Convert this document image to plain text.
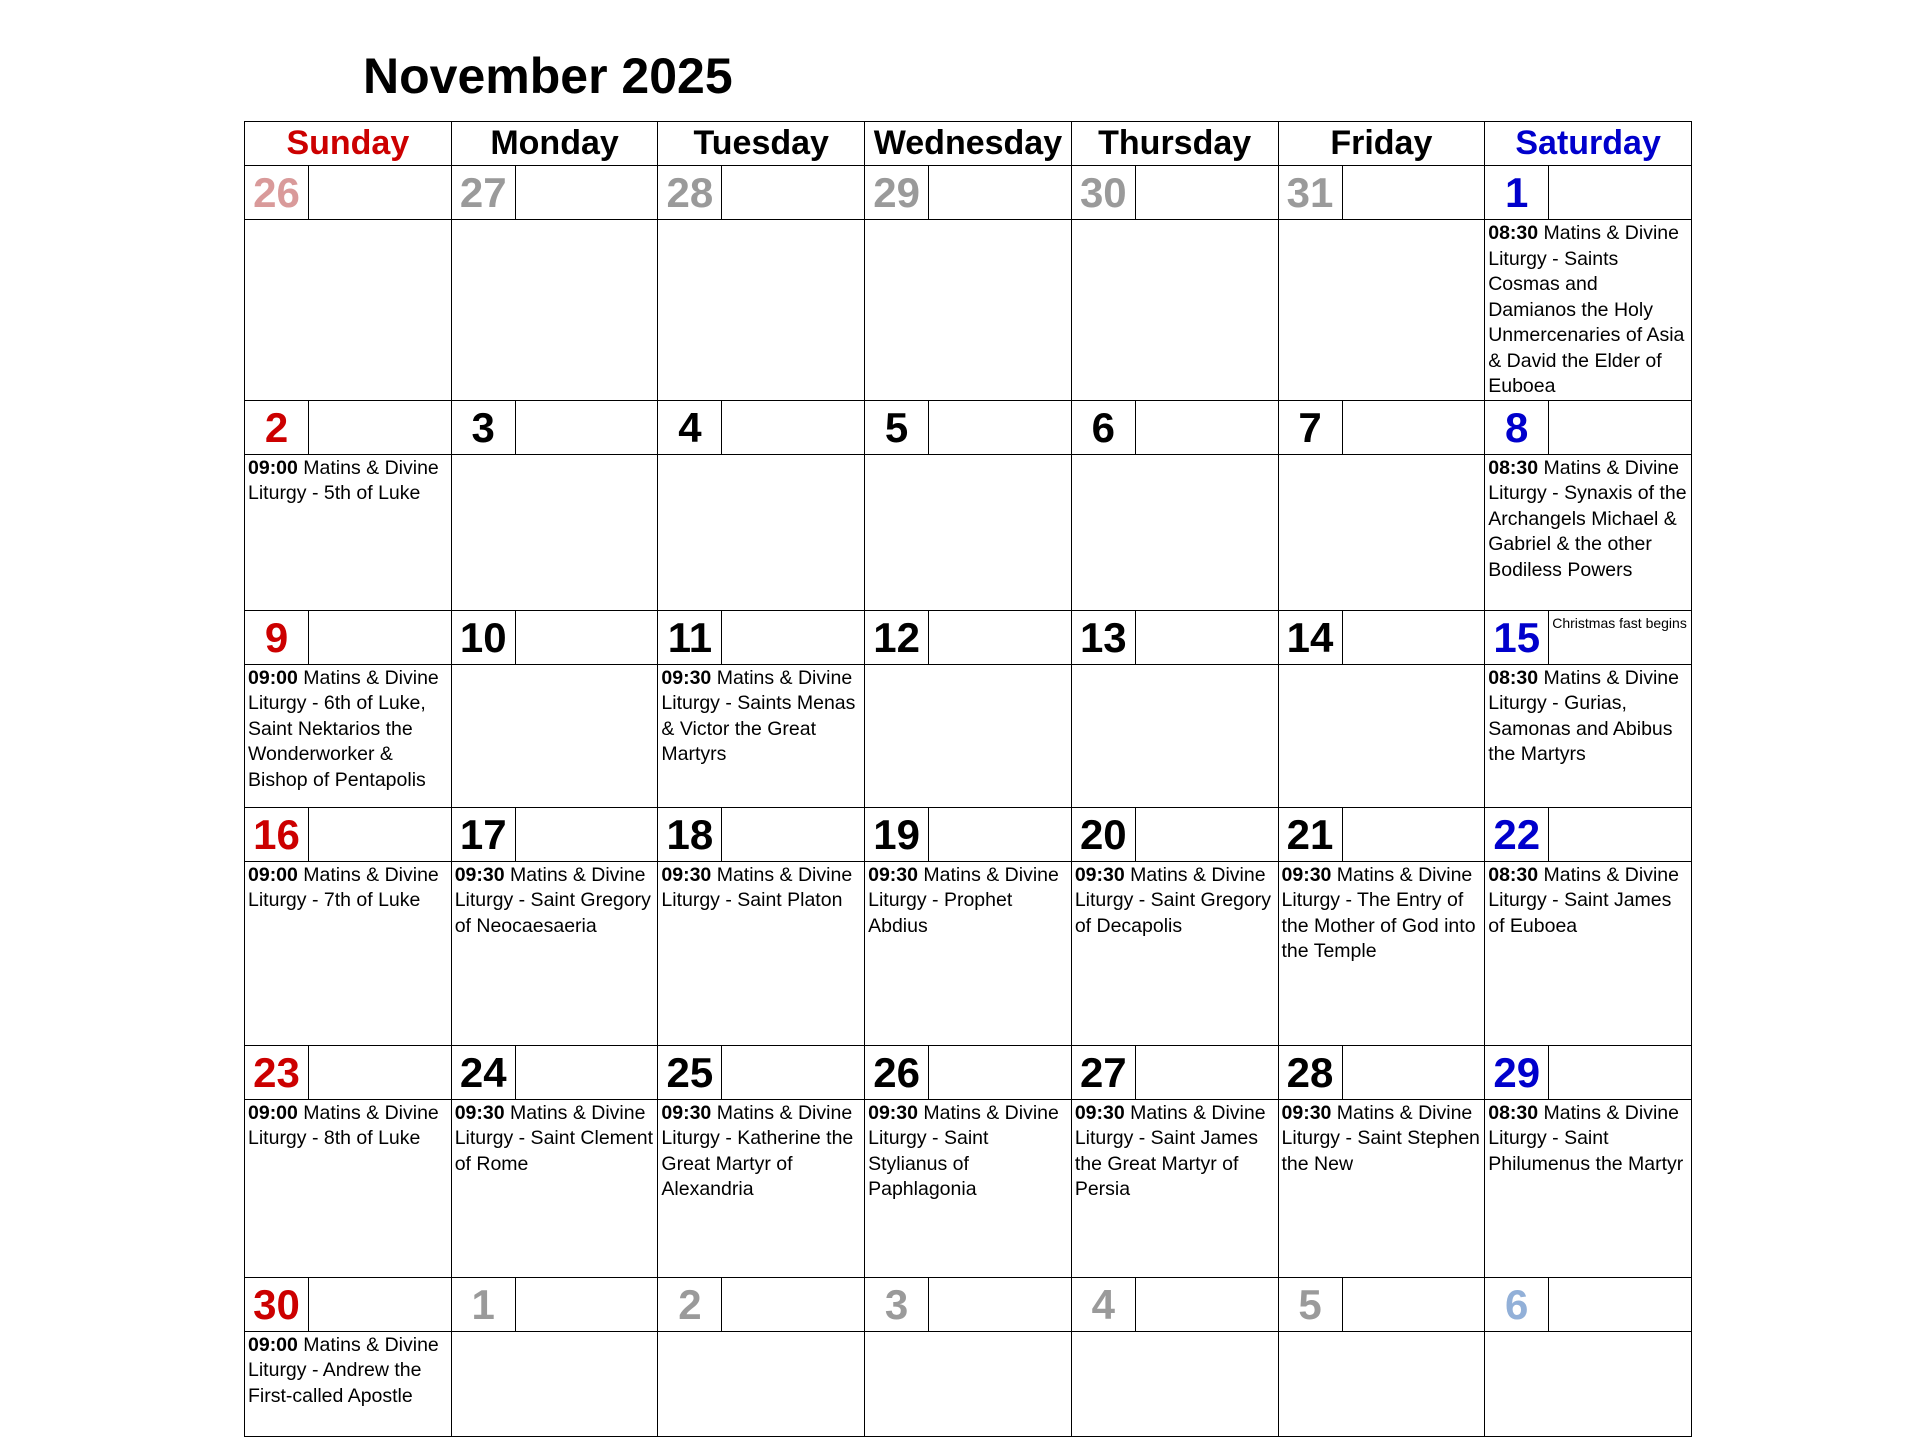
November 2025
Sunday	Monday	Tuesday	Wednesday	Thursday	Friday	Saturday

26	27	28	29	30	31	1

						08:30 Matins & Divine Liturgy - Saints Cosmas and Damianos the Holy Unmercenaries of Asia & David the Elder of Euboea

2	3	4	5	6	7	8

09:00 Matins & Divine Liturgy - 5th of Luke						08:30 Matins & Divine Liturgy - Synaxis of the Archangels Michael & Gabriel & the other Bodiless Powers

9	10	11	12	13	14	15 Christmas fast begins

09:00 Matins & Divine Liturgy - 6th of Luke, Saint Nektarios the Wonderworker & Bishop of Pentapolis		09:30 Matins & Divine Liturgy - Saints Menas & Victor the Great Martyrs				08:30 Matins & Divine Liturgy - Gurias, Samonas and Abibus the Martyrs

16	17	18	19	20	21	22

09:00 Matins & Divine Liturgy - 7th of Luke	09:30 Matins & Divine Liturgy - Saint Gregory of Neocaesaeria	09:30 Matins & Divine Liturgy - Saint Platon	09:30 Matins & Divine Liturgy - Prophet Abdius	09:30 Matins & Divine Liturgy - Saint Gregory of Decapolis	09:30 Matins & Divine Liturgy - The Entry of the Mother of God into the Temple	08:30 Matins & Divine Liturgy - Saint James of Euboea

23	24	25	26	27	28	29

09:00 Matins & Divine Liturgy - 8th of Luke	09:30 Matins & Divine Liturgy - Saint Clement of Rome	09:30 Matins & Divine Liturgy - Katherine the Great Martyr of Alexandria	09:30 Matins & Divine Liturgy - Saint Stylianus of Paphlagonia	09:30 Matins & Divine Liturgy - Saint James the Great Martyr of Persia	09:30 Matins & Divine Liturgy - Saint Stephen the New	08:30 Matins & Divine Liturgy - Saint Philumenus the Martyr

30	1	2	3	4	5	6

09:00 Matins & Divine Liturgy - Andrew the First-called Apostle						
